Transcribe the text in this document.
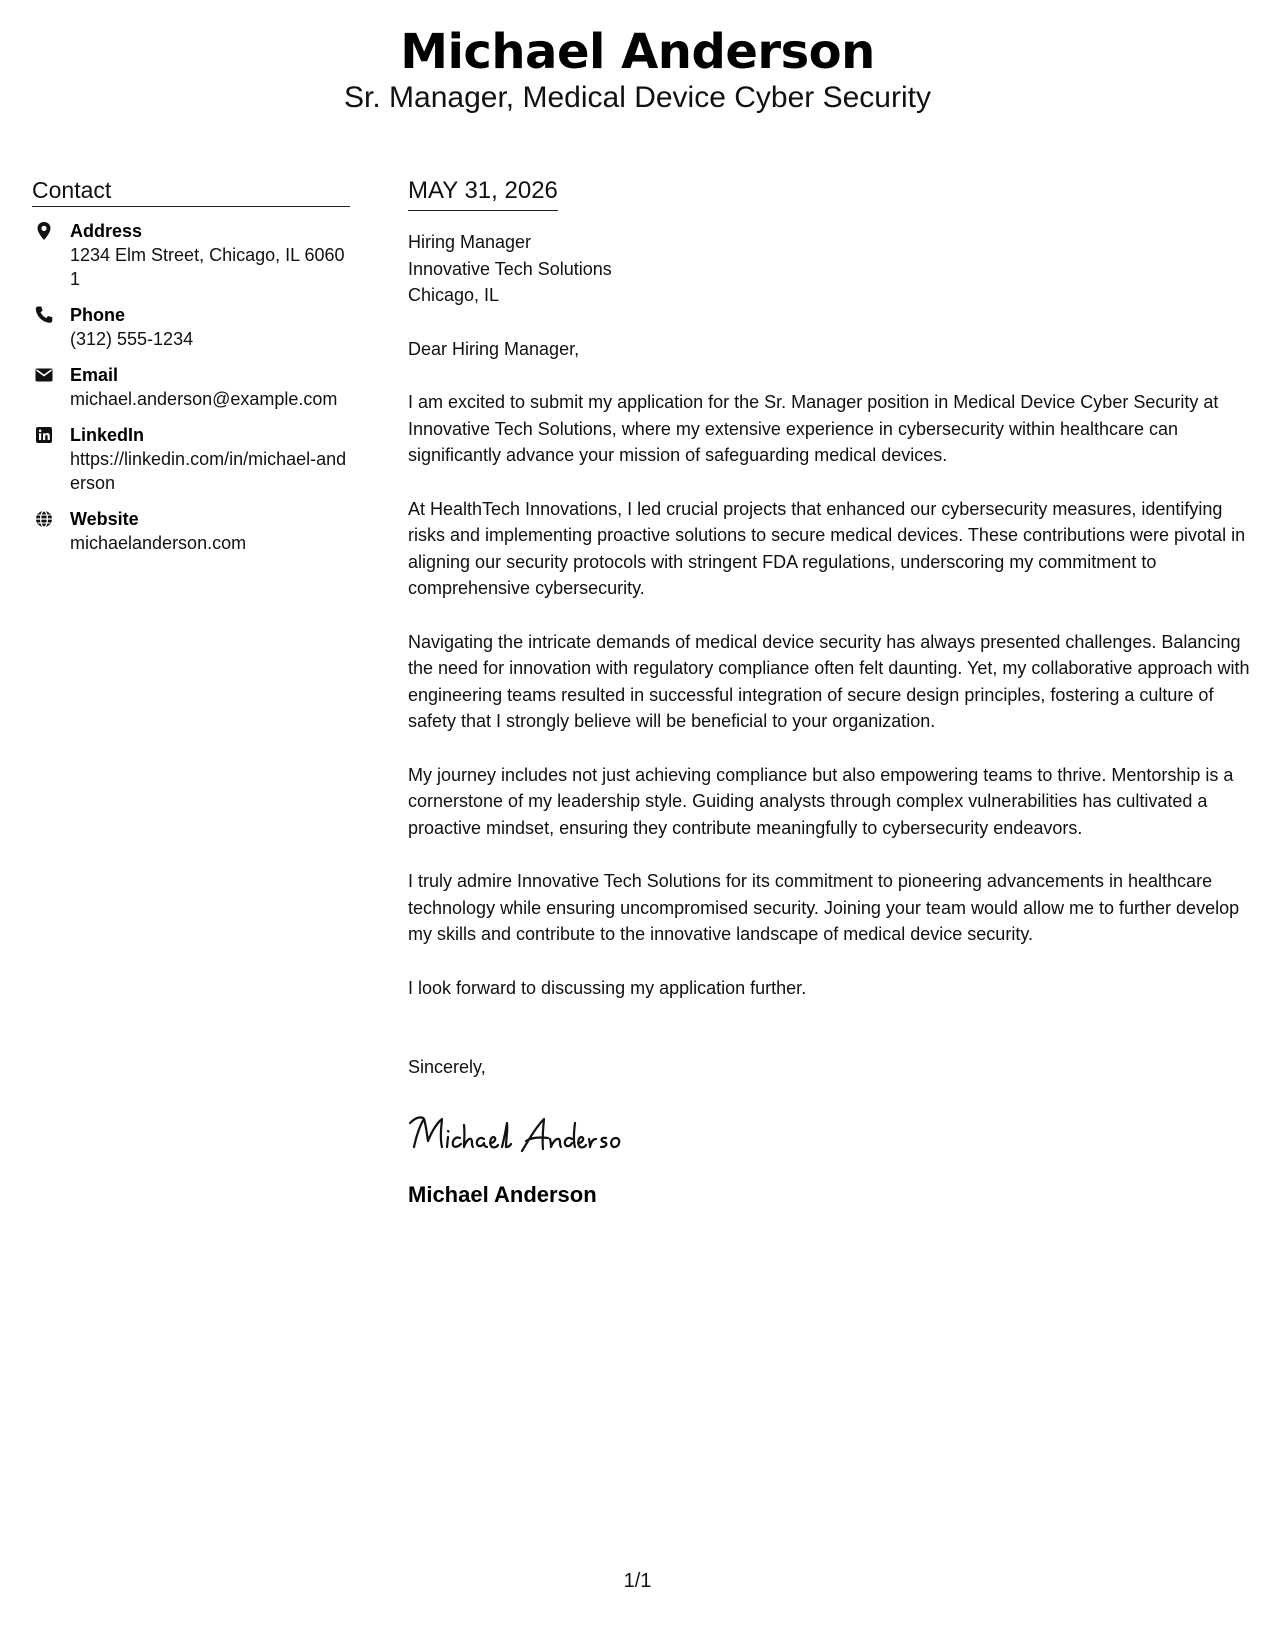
Michael Anderson
Sr. Manager, Medical Device Cyber Security
Contact
Address
1234 Elm Street, Chicago, IL 60601
Phone
(312) 555-1234
Email
michael.anderson@example.com
LinkedIn
https://linkedin.com/in/michael-anderson
Website
michaelanderson.com
MAY 31, 2026
Hiring Manager
Innovative Tech Solutions
Chicago, IL
Dear Hiring Manager,
I am excited to submit my application for the Sr. Manager position in Medical Device Cyber Security at Innovative Tech Solutions, where my extensive experience in cybersecurity within healthcare can significantly advance your mission of safeguarding medical devices.
At HealthTech Innovations, I led crucial projects that enhanced our cybersecurity measures, identifying risks and implementing proactive solutions to secure medical devices. These contributions were pivotal in aligning our security protocols with stringent FDA regulations, underscoring my commitment to comprehensive cybersecurity.
Navigating the intricate demands of medical device security has always presented challenges. Balancing the need for innovation with regulatory compliance often felt daunting. Yet, my collaborative approach with engineering teams resulted in successful integration of secure design principles, fostering a culture of safety that I strongly believe will be beneficial to your organization.
My journey includes not just achieving compliance but also empowering teams to thrive. Mentorship is a cornerstone of my leadership style. Guiding analysts through complex vulnerabilities has cultivated a proactive mindset, ensuring they contribute meaningfully to cybersecurity endeavors.
I truly admire Innovative Tech Solutions for its commitment to pioneering advancements in healthcare technology while ensuring uncompromised security. Joining your team would allow me to further develop my skills and contribute to the innovative landscape of medical device security.
I look forward to discussing my application further.
Sincerely,
Michael Anderson
1/1
